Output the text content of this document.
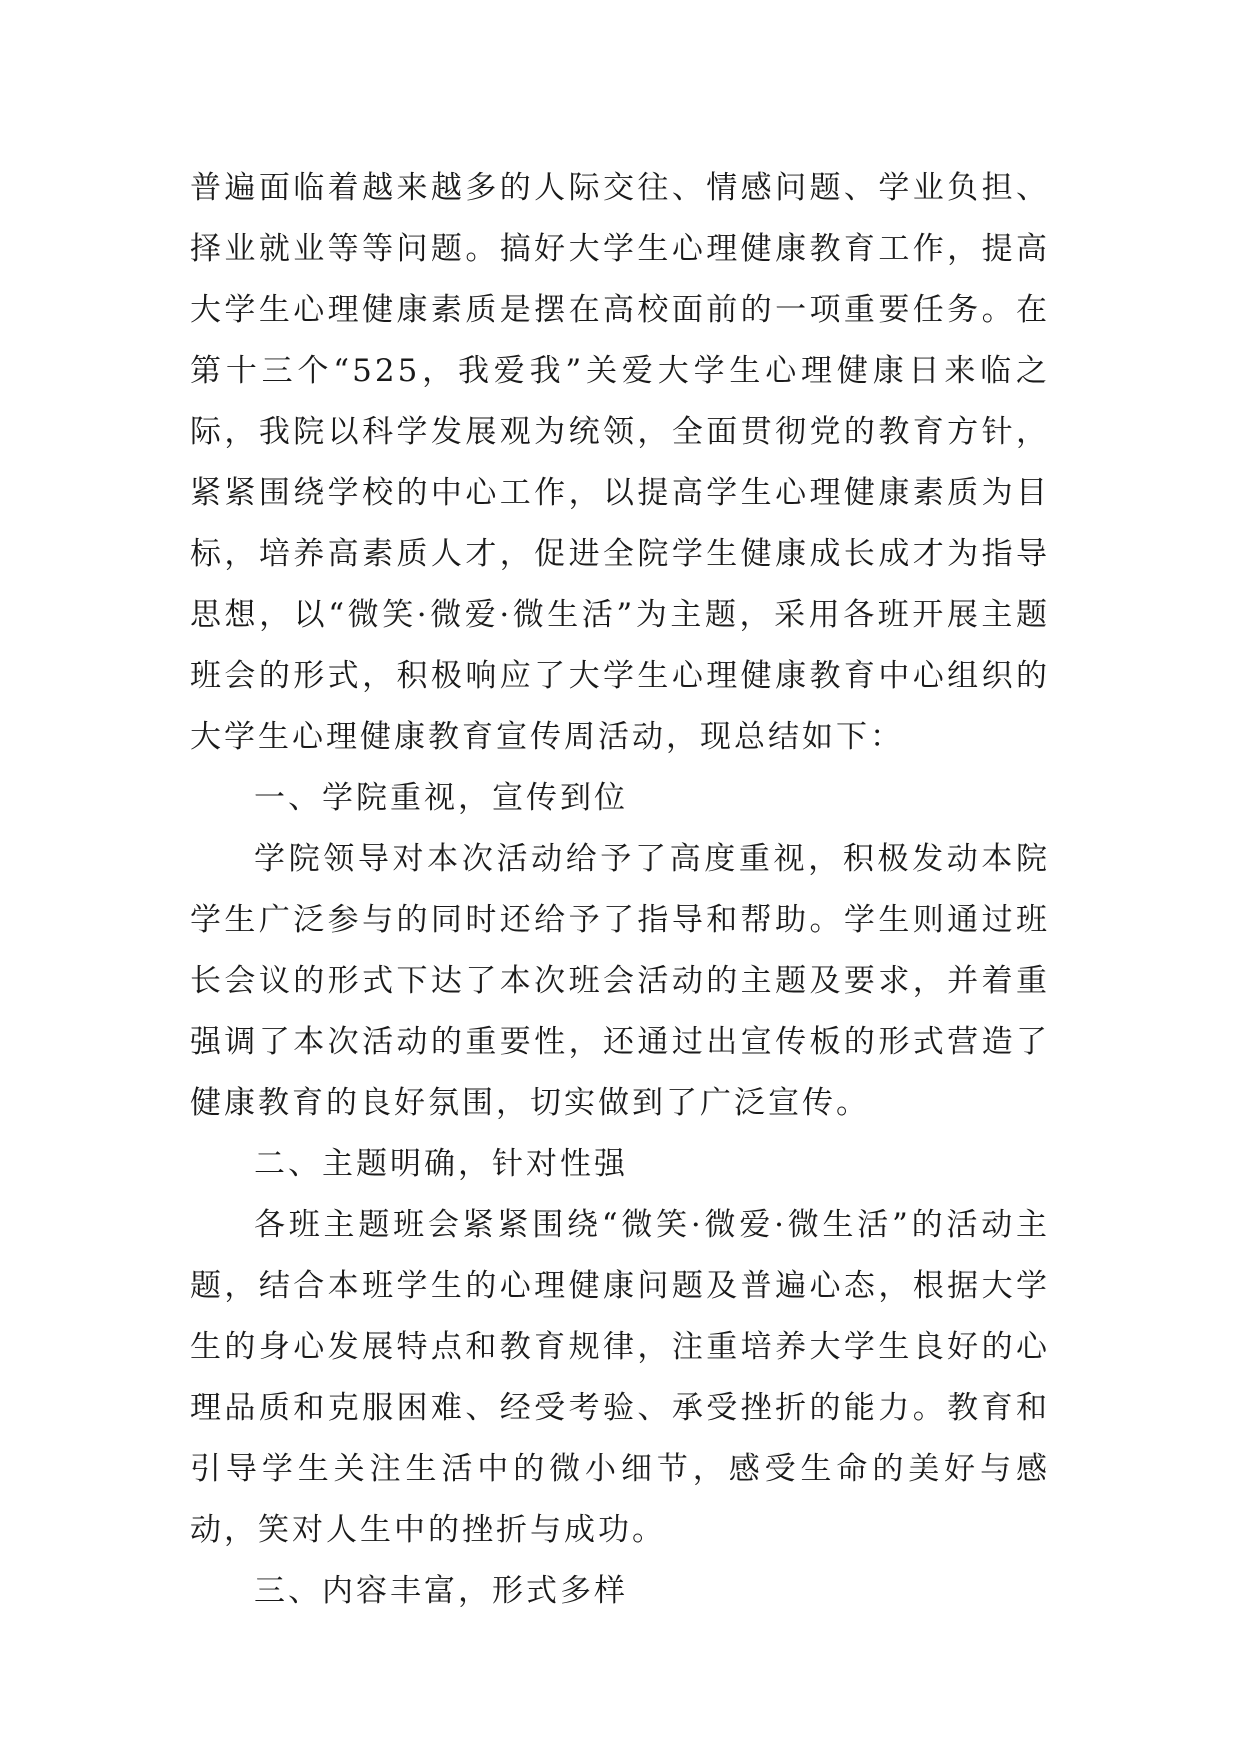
普遍面临着越来越多的人际交往、情感问题、学业负担、择业就业等等问题。搞好大学生心理健康教育工作，提高大学生心理健康素质是摆在高校面前的一项重要任务。在第十三个“525，我爱我”关爱大学生心理健康日来临之际，我院以科学发展观为统领，全面贯彻党的教育方针，紧紧围绕学校的中心工作，以提高学生心理健康素质为目标，培养高素质人才，促进全院学生健康成长成才为指导思想，以“微笑·微爱·微生活”为主题，采用各班开展主题班会的形式，积极响应了大学生心理健康教育中心组织的大学生心理健康教育宣传周活动，现总结如下：

一、学院重视，宣传到位

学院领导对本次活动给予了高度重视，积极发动本院学生广泛参与的同时还给予了指导和帮助。学生则通过班长会议的形式下达了本次班会活动的主题及要求，并着重强调了本次活动的重要性，还通过出宣传板的形式营造了健康教育的良好氛围，切实做到了广泛宣传。

二、主题明确，针对性强

各班主题班会紧紧围绕“微笑·微爱·微生活”的活动主题，结合本班学生的心理健康问题及普遍心态，根据大学生的身心发展特点和教育规律，注重培养大学生良好的心理品质和克服困难、经受考验、承受挫折的能力。教育和引导学生关注生活中的微小细节，感受生命的美好与感动，笑对人生中的挫折与成功。

三、内容丰富，形式多样
